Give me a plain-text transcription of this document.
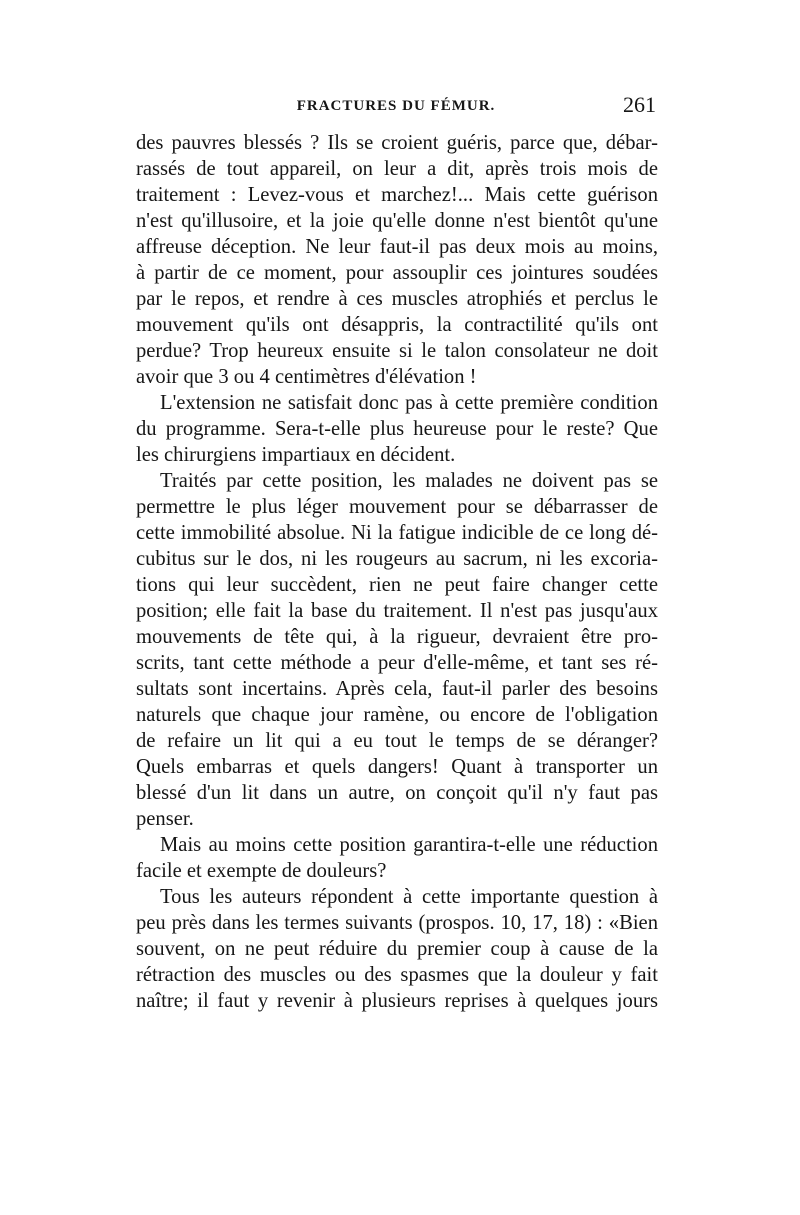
FRACTURES DU FÉMUR.	261
des pauvres blessés ? Ils se croient guéris, parce que, débar-
rassés de tout appareil, on leur a dit, après trois mois de
traitement : Levez-vous et marchez!... Mais cette guérison
n'est qu'illusoire, et la joie qu'elle donne n'est bientôt qu'une
affreuse déception. Ne leur faut-il pas deux mois au moins,
à partir de ce moment, pour assouplir ces jointures soudées
par le repos, et rendre à ces muscles atrophiés et perclus le
mouvement qu'ils ont désappris, la contractilité qu'ils ont
perdue? Trop heureux ensuite si le talon consolateur ne doit
avoir que 3 ou 4 centimètres d'élévation !
L'extension ne satisfait donc pas à cette première condition
du programme. Sera-t-elle plus heureuse pour le reste? Que
les chirurgiens impartiaux en décident.
Traités par cette position, les malades ne doivent pas se
permettre le plus léger mouvement pour se débarrasser de
cette immobilité absolue. Ni la fatigue indicible de ce long dé-
cubitus sur le dos, ni les rougeurs au sacrum, ni les excoria-
tions qui leur succèdent, rien ne peut faire changer cette
position; elle fait la base du traitement. Il n'est pas jusqu'aux
mouvements de tête qui, à la rigueur, devraient être pro-
scrits, tant cette méthode a peur d'elle-même, et tant ses ré-
sultats sont incertains. Après cela, faut-il parler des besoins
naturels que chaque jour ramène, ou encore de l'obligation
de refaire un lit qui a eu tout le temps de se déranger?
Quels embarras et quels dangers! Quant à transporter un
blessé d'un lit dans un autre, on conçoit qu'il n'y faut pas
penser.
Mais au moins cette position garantira-t-elle une réduction
facile et exempte de douleurs?
Tous les auteurs répondent à cette importante question à
peu près dans les termes suivants (prospos. 10, 17, 18) : «Bien
souvent, on ne peut réduire du premier coup à cause de la
rétraction des muscles ou des spasmes que la douleur y fait
naître; il faut y revenir à plusieurs reprises à quelques jours
